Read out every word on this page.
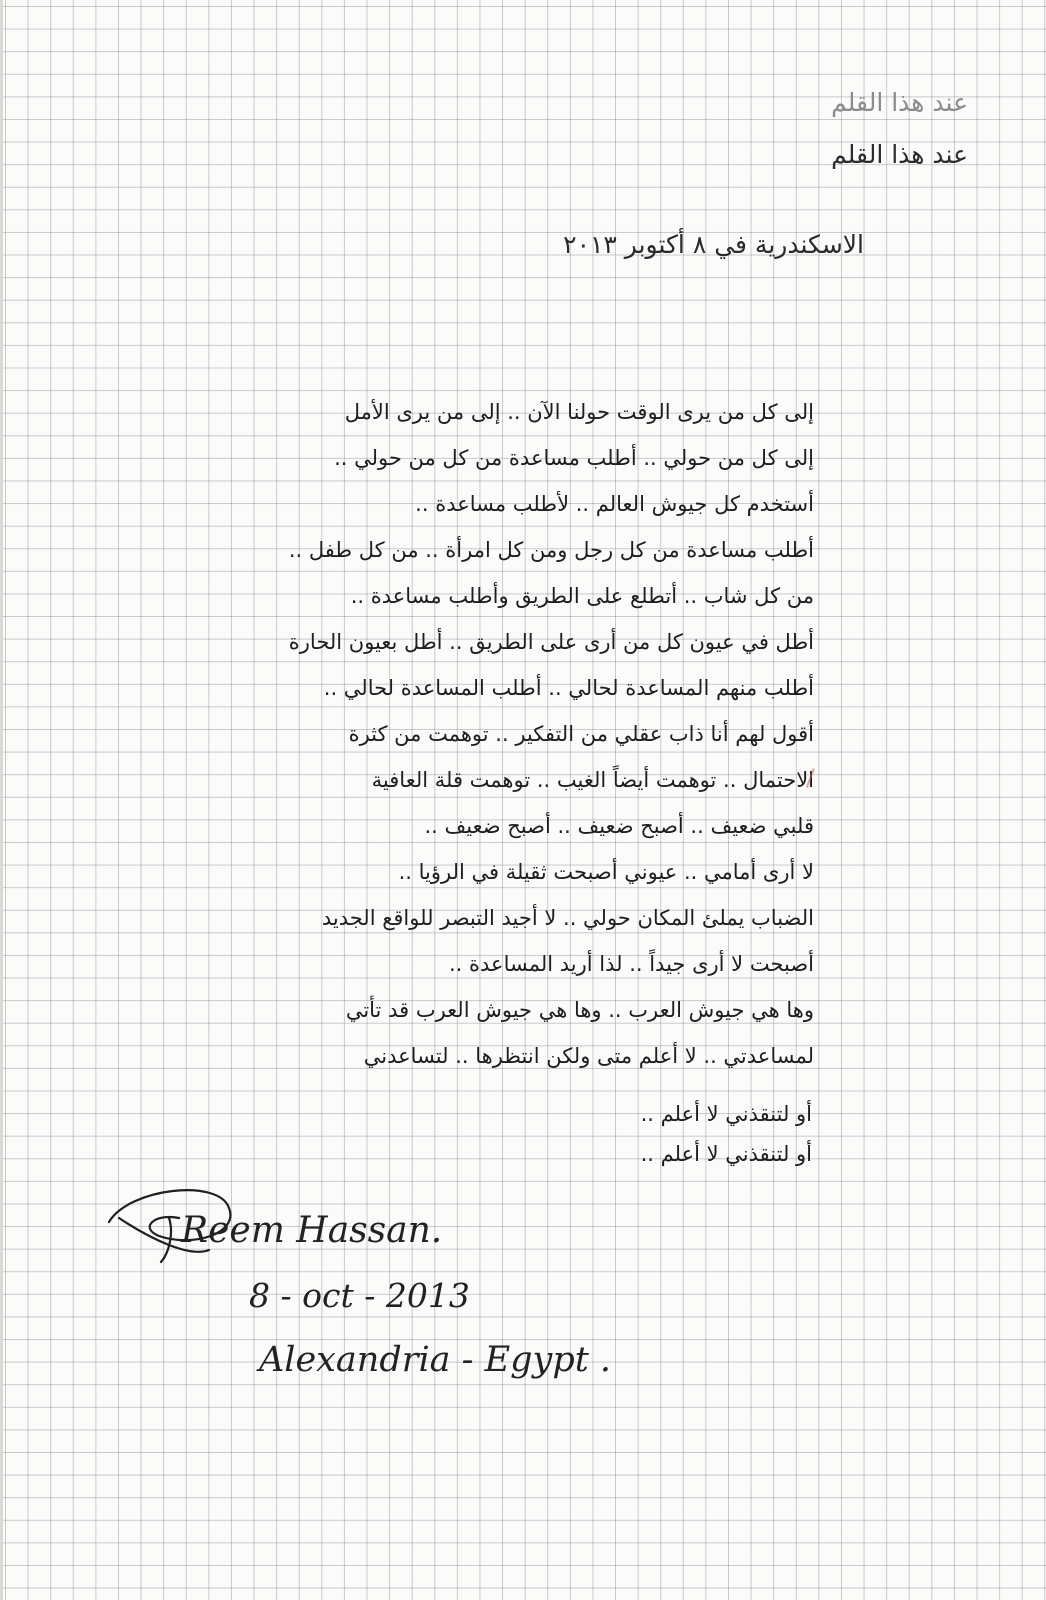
عند هذا القلم

عند هذا القلم

الاسكندرية في ٨ أكتوبر ٢٠١٣

إلى كل من يرى الوقت حولنا الآن .. إلى من يرى الأمل
إلى كل من حولي .. أطلب مساعدة من كل من حولي ..
أستخدم كل جيوش العالم .. لأطلب مساعدة ..
أطلب مساعدة من كل رجل ومن كل امرأة .. من كل طفل ..
من كل شاب .. أتطلع على الطريق وأطلب مساعدة ..
أطل في عيون كل من أرى على الطريق .. أطل بعيون الحارة
أطلب منهم المساعدة لحالي .. أطلب المساعدة لحالي ..
أقول لهم أنا ذاب عقلي من التفكير .. توهمت من كثرة
الاحتمال .. توهمت أيضاً الغيب .. توهمت قلة العافية
قلبي ضعيف .. أصبح ضعيف .. أصبح ضعيف ..
لا أرى أمامي .. عيوني أصبحت ثقيلة في الرؤيا ..
الضباب يملئ المكان حولي .. لا أجيد التبصر للواقع الجديد
أصبحت لا أرى جيداً .. لذا أريد المساعدة ..
وها هي جيوش العرب .. وها هي جيوش العرب قد تأتي
لمساعدتي .. لا أعلم متى ولكن انتظرها .. لتساعدني
أو لتنقذني لا أعلم ..
أو لتنقذني لا أعلم ..
Reem Hassan.
8 - oct - 2013
Alexandria - Egypt .
